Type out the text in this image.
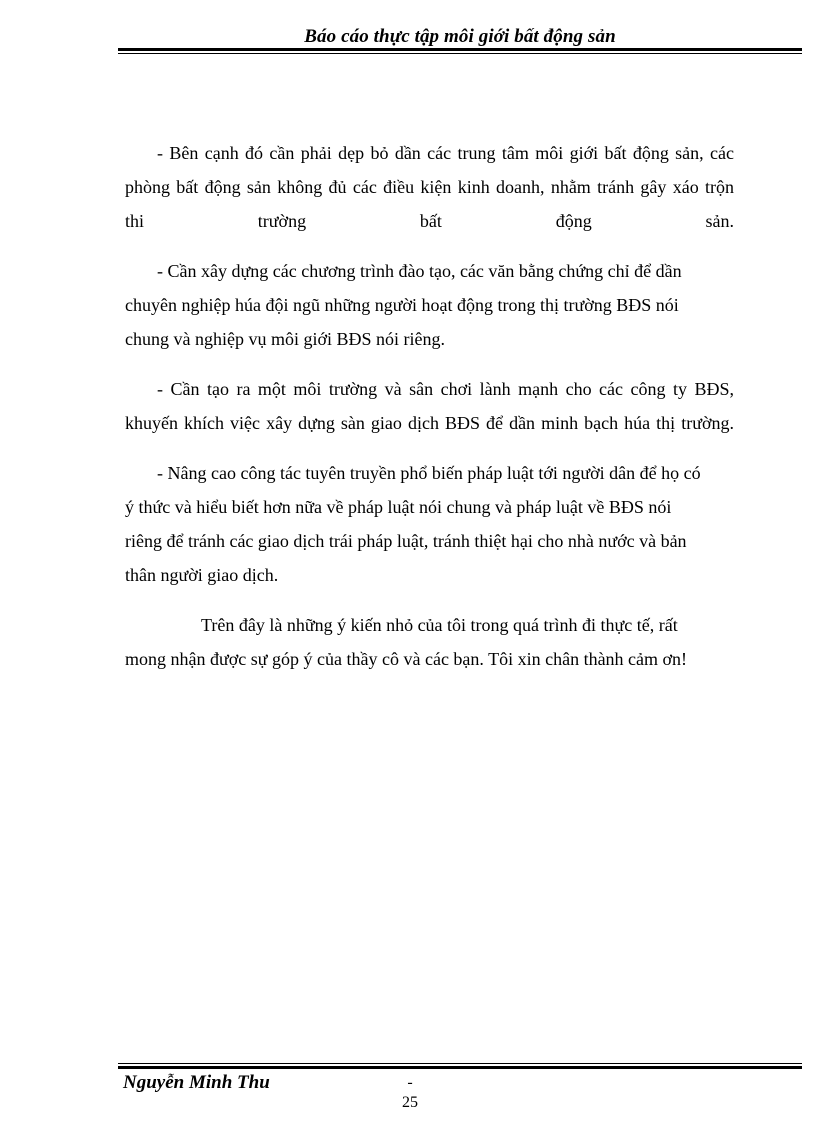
Báo cáo thực tập môi giới bất động sản

- Bên cạnh đó cần phải dẹp bỏ dần các trung tâm môi giới bất động sản, các
phòng bất động sản không đủ các điều kiện kinh doanh, nhằm tránh gây xáo trộn
thi trường bất động sản.

- Cần xây dựng các chương trình đào tạo, các văn bằng chứng chỉ để dần
chuyên nghiệp húa đội ngũ những người hoạt động trong thị trường BĐS nói
chung và nghiệp vụ môi giới BĐS nói riêng.

- Cần tạo ra một môi trường và sân chơi lành mạnh cho các công ty BĐS,
khuyến khích việc xây dựng sàn giao dịch BĐS để dần minh bạch húa thị trường.

- Nâng cao công tác tuyên truyền phổ biến pháp luật tới người dân để họ có
ý thức và hiểu biết hơn nữa về pháp luật nói chung và pháp luật về BĐS nói
riêng để tránh các giao dịch trái pháp luật, tránh thiệt hại cho nhà nước và bản
thân người giao dịch.

Trên đây là những ý kiến nhỏ của tôi trong quá trình đi thực tế, rất
mong nhận được sự góp ý của thầy cô và các bạn. Tôi xin chân thành cảm ơn!

Nguyễn Minh Thu	-
25
